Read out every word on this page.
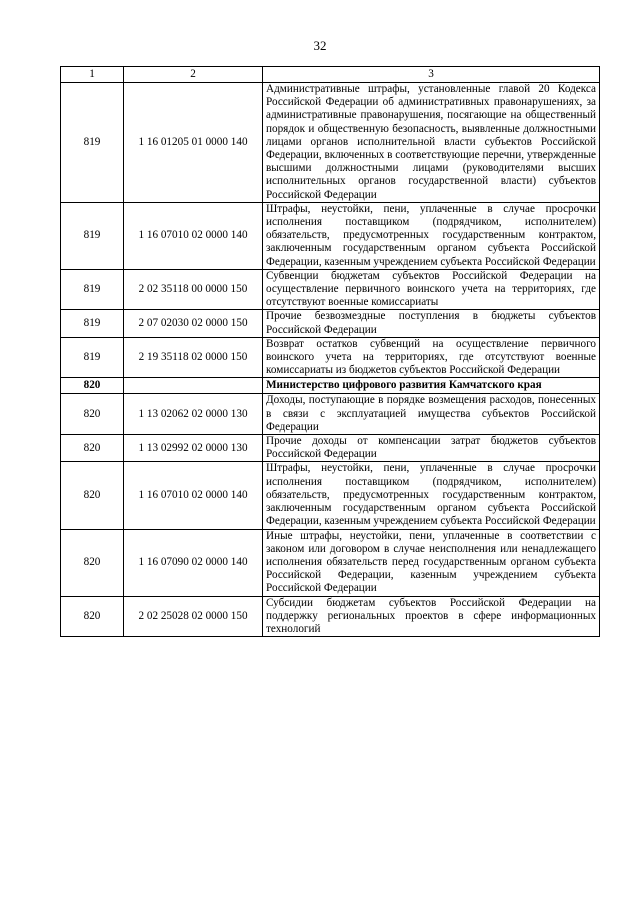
32
1	2	3
819	1 16 01205 01 0000 140	Административные штрафы, установленные главой 20 Кодекса Российской Федерации об административных правонарушениях, за административные правонарушения, посягающие на общественный порядок и общественную безопасность, выявленные должностными лицами органов исполнительной власти субъектов Российской Федерации, включенных в соответствующие перечни, утвержденные высшими должностными лицами (руководителями высших исполнительных органов государственной власти) субъектов Российской Федерации
819	1 16 07010 02 0000 140	Штрафы, неустойки, пени, уплаченные в случае просрочки исполнения поставщиком (подрядчиком, исполнителем) обязательств, предусмотренных государственным контрактом, заключенным государственным органом субъекта Российской Федерации, казенным учреждением субъекта Российской Федерации
819	2 02 35118 00 0000 150	Субвенции бюджетам субъектов Российской Федерации на осуществление первичного воинского учета на территориях, где отсутствуют военные комиссариаты
819	2 07 02030 02 0000 150	Прочие безвозмездные поступления в бюджеты субъектов Российской Федерации
819	2 19 35118 02 0000 150	Возврат остатков субвенций на осуществление первичного воинского учета на территориях, где отсутствуют военные комиссариаты из бюджетов субъектов Российской Федерации
820		Министерство цифрового развития Камчатского края
820	1 13 02062 02 0000 130	Доходы, поступающие в порядке возмещения расходов, понесенных в связи с эксплуатацией имущества субъектов Российской Федерации
820	1 13 02992 02 0000 130	Прочие доходы от компенсации затрат бюджетов субъектов Российской Федерации
820	1 16 07010 02 0000 140	Штрафы, неустойки, пени, уплаченные в случае просрочки исполнения поставщиком (подрядчиком, исполнителем) обязательств, предусмотренных государственным контрактом, заключенным государственным органом субъекта Российской Федерации, казенным учреждением субъекта Российской Федерации
820	1 16 07090 02 0000 140	Иные штрафы, неустойки, пени, уплаченные в соответствии с законом или договором в случае неисполнения или ненадлежащего исполнения обязательств перед государственным органом субъекта Российской Федерации, казенным учреждением субъекта Российской Федерации
820	2 02 25028 02 0000 150	Субсидии бюджетам субъектов Российской Федерации на поддержку региональных проектов в сфере информационных технологий
